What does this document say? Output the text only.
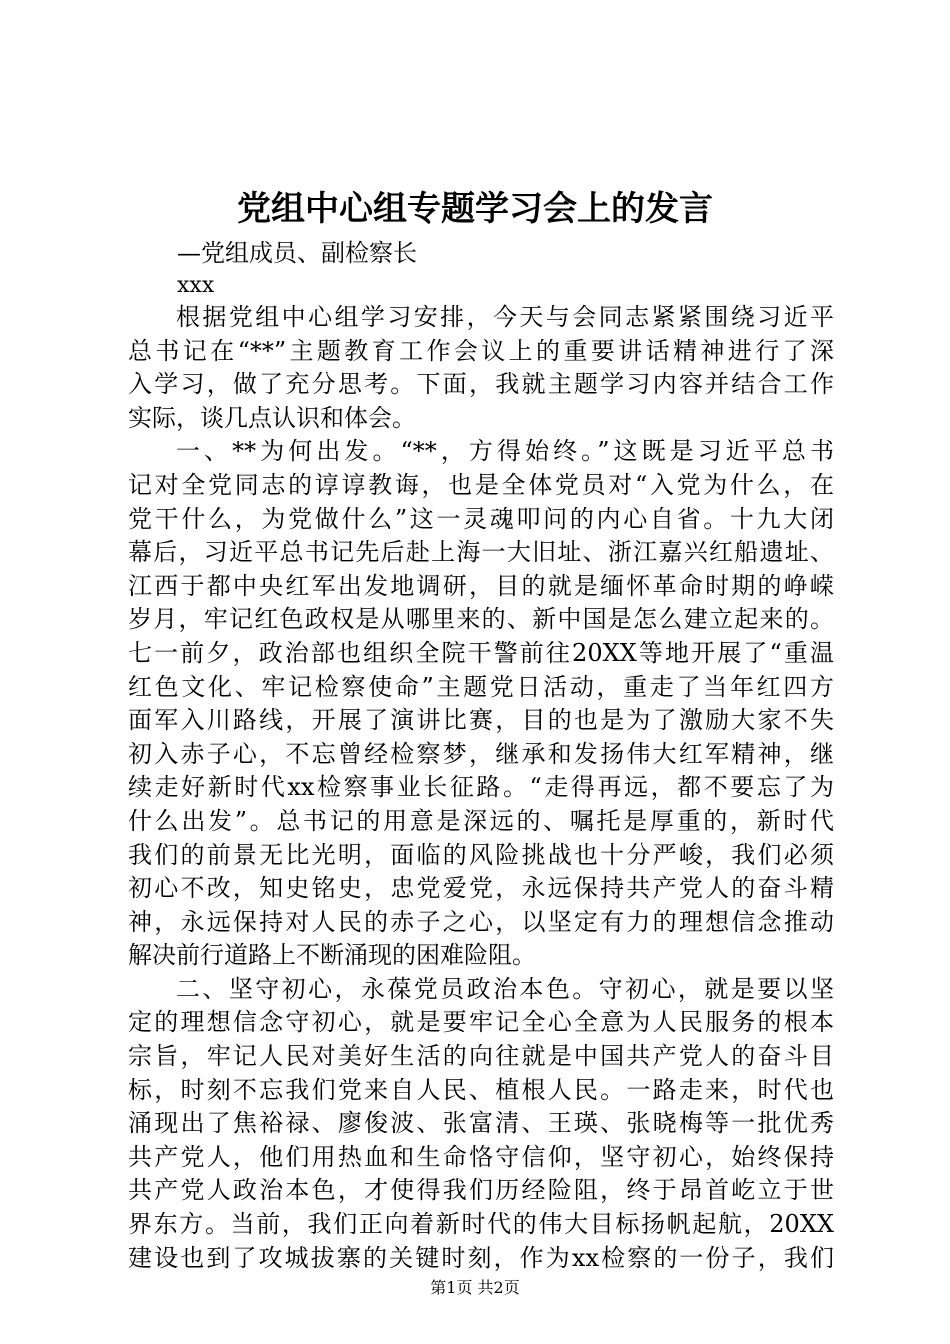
党组中心组专题学习会上的发言

—党组成员、副检察长

xxx

根据党组中心组学习安排，今天与会同志紧紧围绕习近平
总书记在“**”主题教育工作会议上的重要讲话精神进行了深
入学习，做了充分思考。下面，我就主题学习内容并结合工作
实际，谈几点认识和体会。
一、**为何出发。“**，方得始终。”这既是习近平总书
记对全党同志的谆谆教诲，也是全体党员对“入党为什么，在
党干什么，为党做什么”这一灵魂叩问的内心自省。十九大闭
幕后，习近平总书记先后赴上海一大旧址、浙江嘉兴红船遗址、
江西于都中央红军出发地调研，目的就是缅怀革命时期的峥嵘
岁月，牢记红色政权是从哪里来的、新中国是怎么建立起来的。
七一前夕，政治部也组织全院干警前往20XX等地开展了“重温
红色文化、牢记检察使命”主题党日活动，重走了当年红四方
面军入川路线，开展了演讲比赛，目的也是为了激励大家不失
初入赤子心，不忘曾经检察梦，继承和发扬伟大红军精神，继
续走好新时代xx检察事业长征路。“走得再远，都不要忘了为
什么出发”。总书记的用意是深远的、嘱托是厚重的，新时代
我们的前景无比光明，面临的风险挑战也十分严峻，我们必须
初心不改，知史铭史，忠党爱党，永远保持共产党人的奋斗精
神，永远保持对人民的赤子之心，以坚定有力的理想信念推动
解决前行道路上不断涌现的困难险阻。
二、坚守初心，永葆党员政治本色。守初心，就是要以坚
定的理想信念守初心，就是要牢记全心全意为人民服务的根本
宗旨，牢记人民对美好生活的向往就是中国共产党人的奋斗目
标，时刻不忘我们党来自人民、植根人民。一路走来，时代也
涌现出了焦裕禄、廖俊波、张富清、王瑛、张晓梅等一批优秀
共产党人，他们用热血和生命恪守信仰，坚守初心，始终保持
共产党人政治本色，才使得我们历经险阻，终于昂首屹立于世
界东方。当前，我们正向着新时代的伟大目标扬帆起航，20XX
建设也到了攻城拔寨的关键时刻，作为xx检察的一份子，我们

第1页 共2页
